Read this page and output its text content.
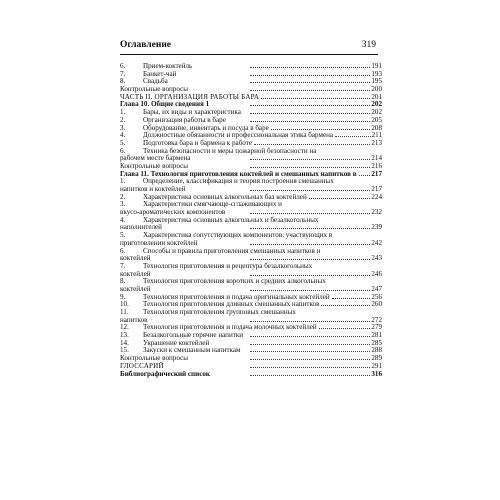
Оглавление	319
6. Прием-коктейль	191
7. Банкет-чай	193
8. Свадьба	195
Контрольные вопросы	200
ЧАСТЬ II. ОРГАНИЗАЦИЯ РАБОТЫ БАРА	201
Глава 10. Общие сведения 1	202
1. Бары, их виды и характеристика	202
2. Организация работы в баре	205
3. Оборудование, инвентарь и посуда в баре	208
4. Должностные обязанности и профессиональная этика бармена	211
5. Подготовка бара и бармена к работе	213
6. Техника безопасности и меры пожарной безопасности на
рабочем месте бармена	214
Контрольные вопросы	216
Глава 11. Технология приготовления коктейлей и смешанных напитков в 217
1. Определение, классификация и теория построения смешанных
напитков и коктейлей	217
2. Характеристика основных алкогольных баз коктейлей	224
3. Характеристики смягчающе-сглаживающих и
вкусо-ароматических компонентов	232
4. Характеристика основных алкогольных и безалкогольных
наполнителей	239
5. Характеристика сопутствующих компонентов, участвующих в
приготовлении коктейлей	242
6. Способы и правила приготовления смешанных напитков и
коктейлей	243
7. Технология приготовления и рецептура безалкогольных
коктейлей	246
8. Технология приготовления коротких и средних алкогольных
коктейлей	247
9. Технология приготовления и подача оригинальных коктейлей	256
10. Технология приготовления длинных смешанных напитков	260
11. Технология приготовления групповых смешанных
напитков	272
12. Технология приготовления и подача молочных коктейлей	279
13. Безалкогольные горячие напитки	281
14. Украшение коктейлей	285
15. Закуски к смешанным напиткам	288
Контрольные вопросы	289
ГЛОССАРИЙ	291
Библиографический список	316
